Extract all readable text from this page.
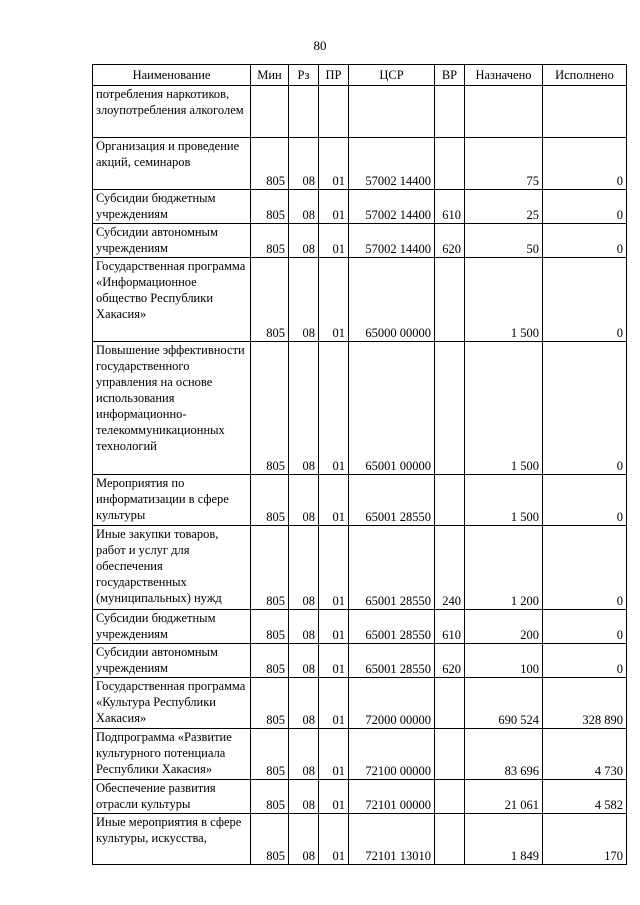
80
Наименование	Мин	Рз	ПР	ЦСР	ВР	Назначено	Исполнено
потребления наркотиков, злоупотребления алкоголем							
Организация и проведение акций, семинаров	805	08	01	57002 14400		75	0
Субсидии бюджетным учреждениям	805	08	01	57002 14400	610	25	0
Субсидии автономным учреждениям	805	08	01	57002 14400	620	50	0
Государственная программа «Информационное общество Республики Хакасия»	805	08	01	65000 00000		1 500	0
Повышение эффективности государственного управления на основе использования информационно-телекоммуникационных технологий	805	08	01	65001 00000		1 500	0
Мероприятия по информатизации в сфере культуры	805	08	01	65001 28550		1 500	0
Иные закупки товаров, работ и услуг для обеспечения государственных (муниципальных) нужд	805	08	01	65001 28550	240	1 200	0
Субсидии бюджетным учреждениям	805	08	01	65001 28550	610	200	0
Субсидии автономным учреждениям	805	08	01	65001 28550	620	100	0
Государственная программа «Культура Республики Хакасия»	805	08	01	72000 00000		690 524	328 890
Подпрограмма «Развитие культурного потенциала Республики Хакасия»	805	08	01	72100 00000		83 696	4 730
Обеспечение развития отрасли культуры	805	08	01	72101 00000		21 061	4 582
Иные мероприятия в сфере культуры, искусства,	805	08	01	72101 13010		1 849	170
